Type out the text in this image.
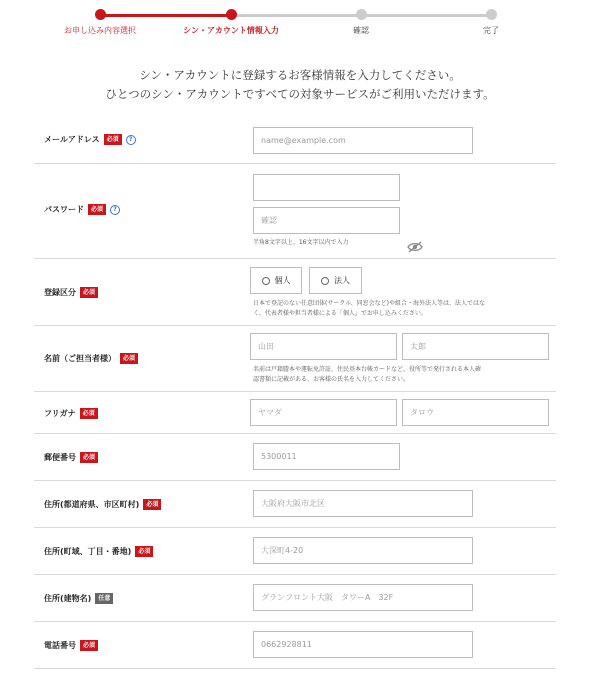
お申し込み内容選択	シン・アカウント情報入力	確認	完了
シン・アカウントに登録するお客様情報を入力してください。
ひとつのシン・アカウントですべての対象サービスがご利用いただけます。
メールアドレス	必須	?
name@example.com
パスワード	必須	?
半角8文字以上、16文字以内で入力
登録区分	必須
個人	法人
日本で登記のない任意団体(サークル、同窓会など)や組合・海外法人等は、法人ではな
く、代表者様や担当者様による「個人」でお申し込みください。
名前（ご担当者様）	必須
山田
太郎
名前は戸籍謄本や運転免許証、住民基本台帳カードなど、役所等で発行される本人確
認書類に記載がある、お客様の氏名を入力してください。
フリガナ	必須
ヤマダ
タロウ
郵便番号	必須
5300011
住所(都道府県、市区町村)	必須
大阪府大阪市北区
住所(町域、丁目・番地)	必須
大深町4-20
住所(建物名)	任意
グランフロント大阪　タワーA　32F
電話番号	必須
0662928811
